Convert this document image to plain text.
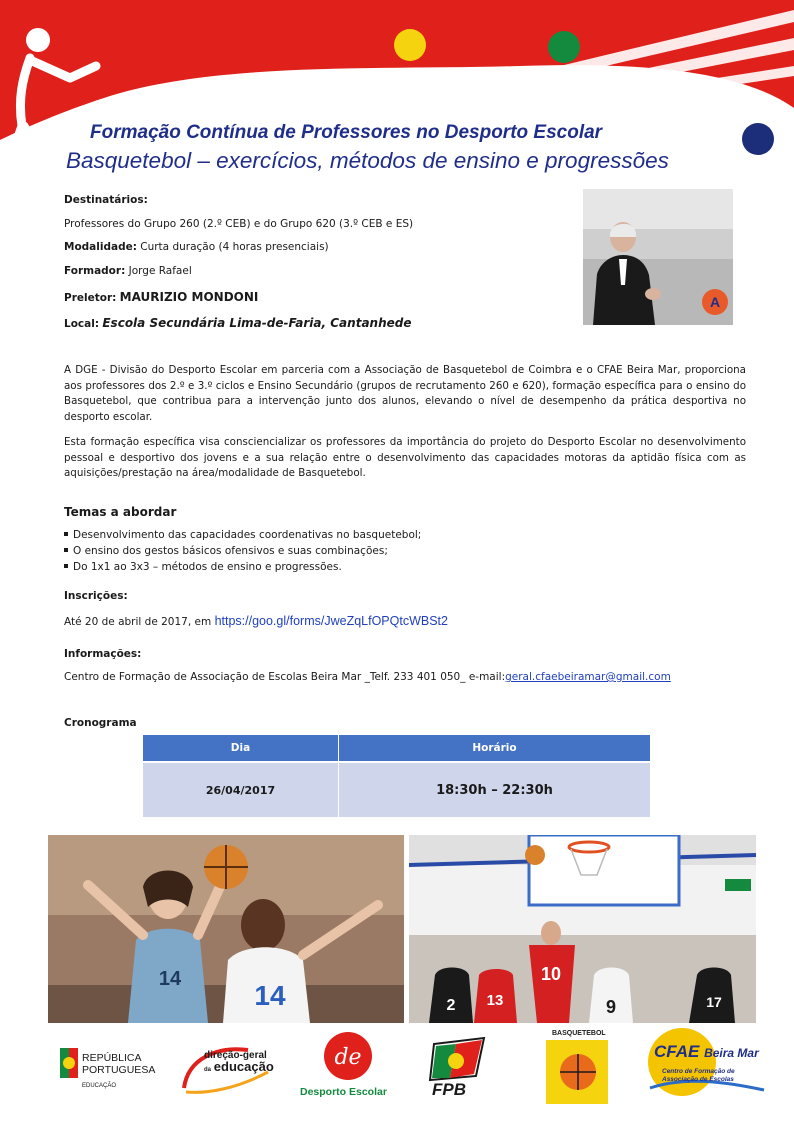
Formação Contínua de Professores no Desporto Escolar
Basquetebol – exercícios, métodos de ensino e progressões
Destinatários:
Professores do Grupo 260 (2.º CEB) e do Grupo 620 (3.º CEB e ES)
Modalidade: Curta duração (4 horas presenciais)
Formador: Jorge Rafael
Preletor: MAURIZIO MONDONI
Local: Escola Secundária Lima-de-Faria, Cantanhede
A
A DGE - Divisão do Desporto Escolar em parceria com a Associação de Basquetebol de Coimbra e o CFAE Beira Mar, proporciona aos professores dos 2.º e 3.º ciclos e Ensino Secundário (grupos de recrutamento 260 e 620), formação específica para o ensino do Basquetebol, que contribua para a intervenção junto dos alunos, elevando o nível de desempenho da prática desportiva no desporto escolar.
Esta formação específica visa consciencializar os professores da importância do projeto do Desporto Escolar no desenvolvimento pessoal e desportivo dos jovens e a sua relação entre o desenvolvimento das capacidades motoras da aptidão física com as aquisições/prestação na área/modalidade de Basquetebol.
Temas a abordar
Desenvolvimento das capacidades coordenativas no basquetebol;
O ensino dos gestos básicos ofensivos e suas combinações;
Do 1x1 ao 3x3 – métodos de ensino e progressões.
Inscrições:
Até 20 de abril de 2017, em https://goo.gl/forms/JweZqLfOPQtcWBSt2
Informações:
Centro de Formação de Associação de Escolas Beira Mar _Telf. 233 401 050_ e-mail:geral.cfaebeiramar@gmail.com
Cronograma
Dia	Horário
26/04/2017	18:30h – 22:30h
14
14
10
2 13	9	17
REPÚBLICA
PORTUGUESA
EDUCAÇÃO
direção-geral
da educação	de
Desporto Escolar	FPB
BASQUETEBOL
CFAE Beira Mar
Centro de Formação de Associação de Escolas
